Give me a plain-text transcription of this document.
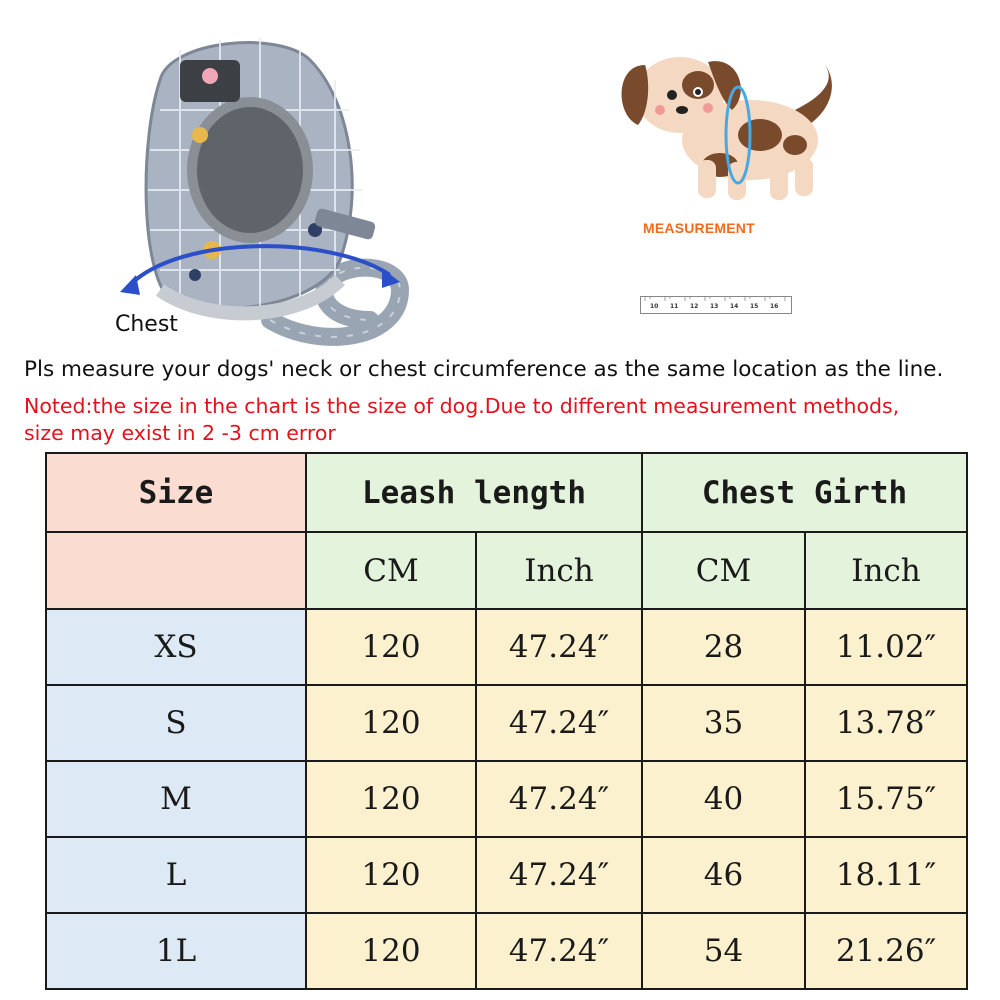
Chest
MEASUREMENT
10 11 12 13 14 15 16
Pls measure your dogs' neck or chest circumference as the same location as the line.
Noted:the size in the chart is the size of dog.Due to different measurement methods,
size may exist in 2 -3 cm error
Size	Leash length		Chest Girth	
	CM	Inch	CM	Inch
XS	120	47.24″	28	11.02″
S	120	47.24″	35	13.78″
M	120	47.24″	40	15.75″
L	120	47.24″	46	18.11″
1L	120	47.24″	54	21.26″
